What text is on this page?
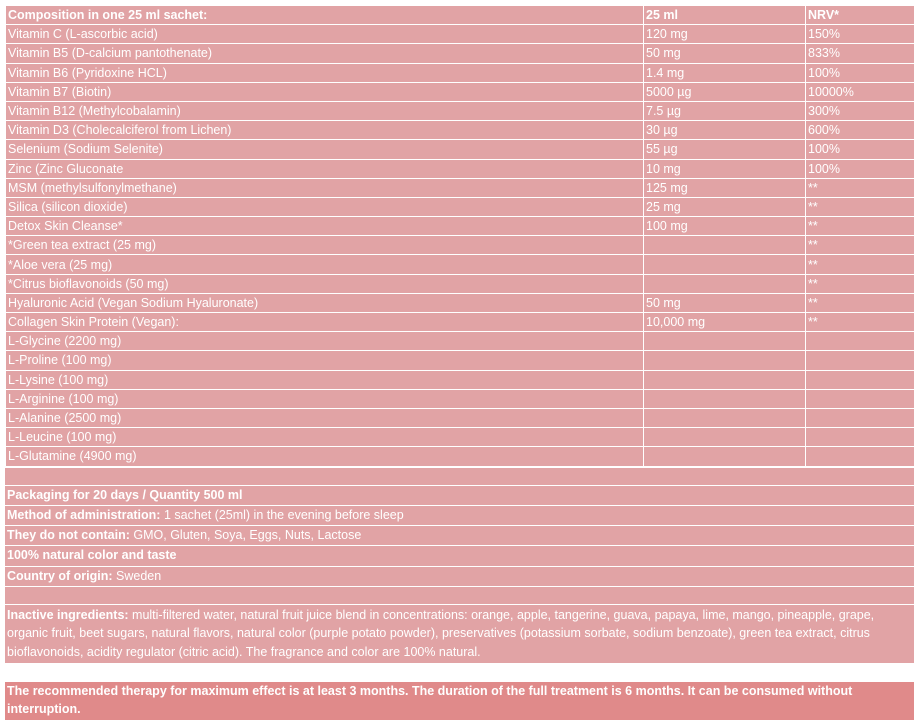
Composition in one 25 ml sachet:	25 ml	NRV*
Vitamin C (L-ascorbic acid)	120 mg	150%
Vitamin B5 (D-calcium pantothenate)	50 mg	833%
Vitamin B6 (Pyridoxine HCL)	1.4 mg	100%
Vitamin B7 (Biotin)	5000 µg	10000%
Vitamin B12 (Methylcobalamin)	7.5 µg	300%
Vitamin D3 (Cholecalciferol from Lichen)	30 µg	600%
Selenium (Sodium Selenite)	55 µg	100%
Zinc (Zinc Gluconate	10 mg	100%
MSM (methylsulfonylmethane)	125 mg	**
Silica (silicon dioxide)	25 mg	**
Detox Skin Cleanse*	100 mg	**
*Green tea extract (25 mg)		**
*Aloe vera (25 mg)		**
*Citrus bioflavonoids (50 mg)		**
Hyaluronic Acid (Vegan Sodium Hyaluronate)	50 mg	**
Collagen Skin Protein (Vegan):	10,000 mg	**
L-Glycine (2200 mg)		
L-Proline (100 mg)		
L-Lysine (100 mg)		
L-Arginine (100 mg)		
L-Alanine (2500 mg)		
L-Leucine (100 mg)		
L-Glutamine (4900 mg)		
Packaging for 20 days / Quantity 500 ml
Method of administration: 1 sachet (25ml) in the evening before sleep
They do not contain: GMO, Gluten, Soya, Eggs, Nuts, Lactose
100% natural color and taste
Country of origin: Sweden
Inactive ingredients: multi-filtered water, natural fruit juice blend in concentrations: orange, apple, tangerine, guava, papaya, lime, mango, pineapple, grape, organic fruit, beet sugars, natural flavors, natural color (purple potato powder), preservatives (potassium sorbate, sodium benzoate), green tea extract, citrus bioflavonoids, acidity regulator (citric acid). The fragrance and color are 100% natural.
The recommended therapy for maximum effect is at least 3 months. The duration of the full treatment is 6 months. It can be consumed without interruption.
